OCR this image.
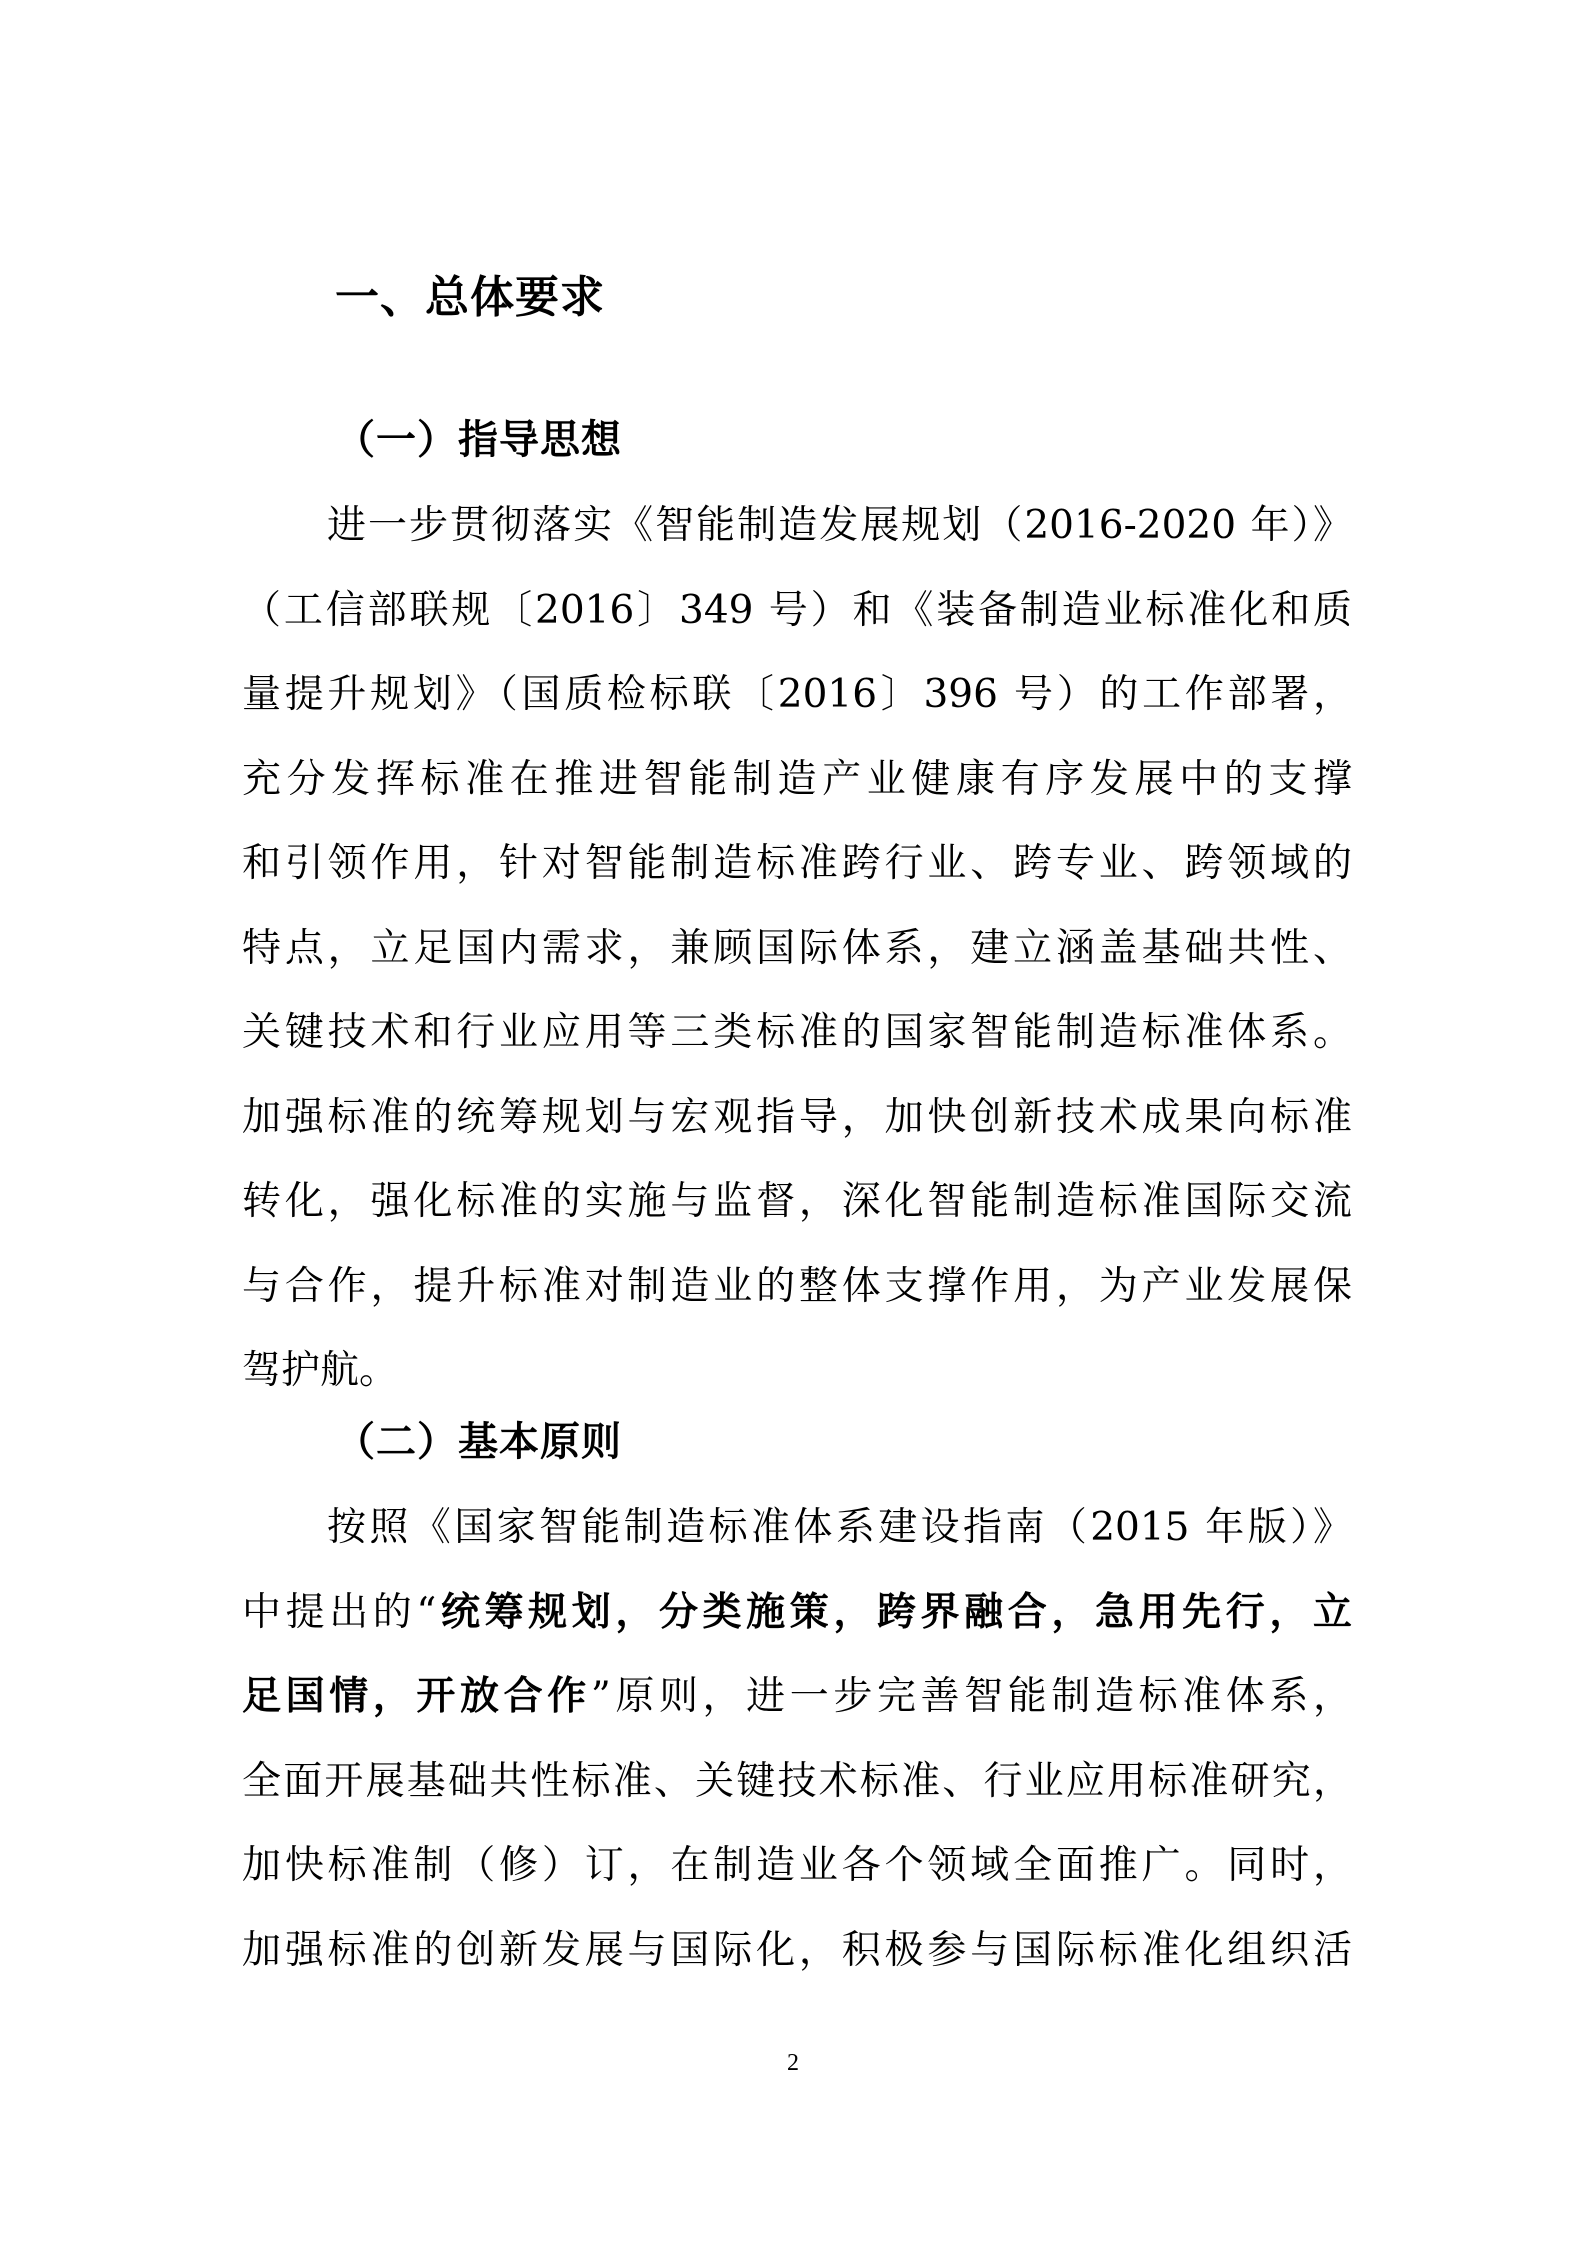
一、总体要求
（一）指导思想
进一步贯彻落实《智能制造发展规划（2016-2020 年）》
（工信部联规〔2016〕349 号）和《装备制造业标准化和质
量提升规划》（国质检标联〔2016〕396 号）的工作部署，
充分发挥标准在推进智能制造产业健康有序发展中的支撑
和引领作用，针对智能制造标准跨行业、跨专业、跨领域的
特点，立足国内需求，兼顾国际体系，建立涵盖基础共性、
关键技术和行业应用等三类标准的国家智能制造标准体系。
加强标准的统筹规划与宏观指导，加快创新技术成果向标准
转化，强化标准的实施与监督，深化智能制造标准国际交流
与合作，提升标准对制造业的整体支撑作用，为产业发展保
驾护航。
（二）基本原则
按照《国家智能制造标准体系建设指南（2015 年版）》
中提出的“统筹规划，分类施策，跨界融合，急用先行，立
足国情，开放合作”原则，进一步完善智能制造标准体系，
全面开展基础共性标准、关键技术标准、行业应用标准研究，
加快标准制（修）订，在制造业各个领域全面推广。同时，
加强标准的创新发展与国际化，积极参与国际标准化组织活
2
